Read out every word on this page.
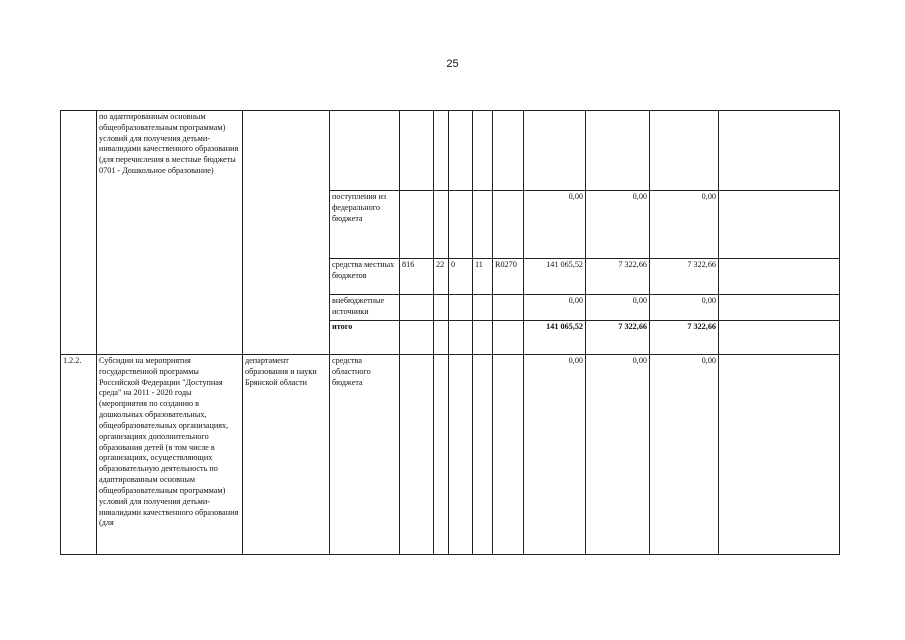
25
	по адаптированным основным общеобразовательным программам) условий для получения детьми-инвалидами качественного образования (для перечисления в местные бюджеты 0701 - Дошкольное образование)											
			поступления из федерального бюджета						0,00	0,00	0,00	
			средства местных бюджетов	816	22	0	11	R0270	141 065,52	7 322,66	7 322,66	
			внебюджетные источники						0,00	0,00	0,00	
			итого						141 065,52	7 322,66	7 322,66	
1.2.2.	Субсидии на мероприятия государственной программы Российской Федерации "Доступная среда" на 2011 - 2020 годы (мероприятия по созданию в дошкольных образовательных, общеобразовательных организациях, организациях дополнительного образования детей (в том числе в организациях, осуществляющих образовательную деятельность по адаптированным основным общеобразовательным программам) условий для получения детьми-инвалидами качественного образования (для	департамент образования и науки Брянской области	средства областного бюджета						0,00	0,00	0,00	
